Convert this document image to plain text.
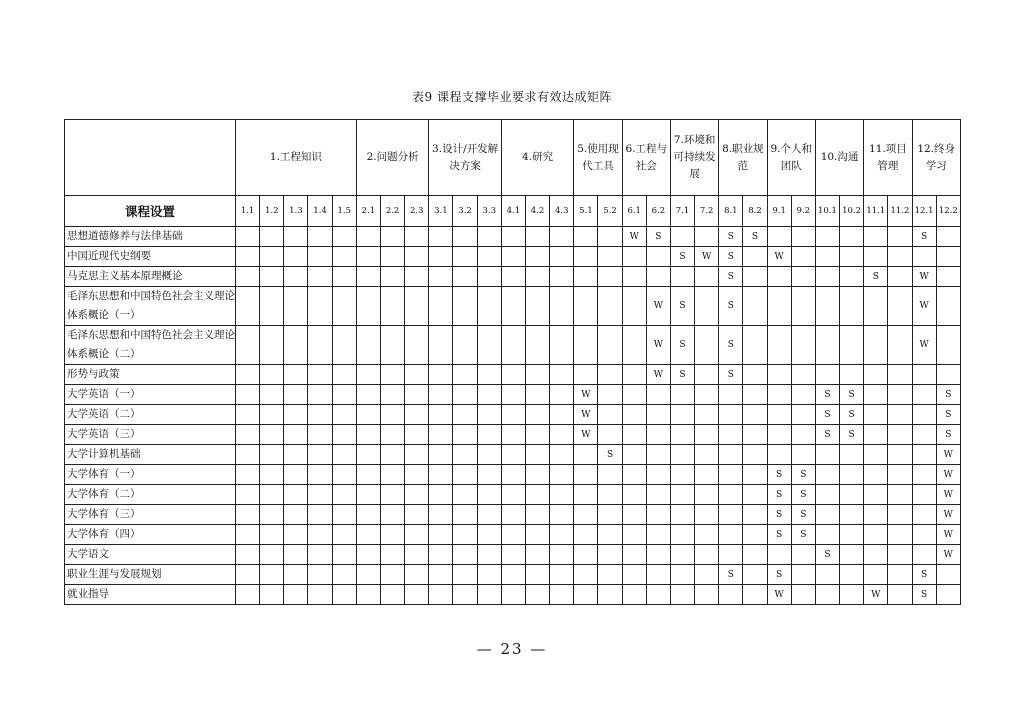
表9 课程支撑毕业要求有效达成矩阵
	1.工程知识					2.问题分析			3.设计/开发解决方案			4.研究			5.使用现代工具		6.工程与社会		7.环境和可持续发展		8.职业规范		9.个人和团队		10.沟通		11.项目管理		12.终身学习	
课程设置	1.1	1.2	1.3	1.4	1.5	2.1	2.2	2.3	3.1	3.2	3.3	4.1	4.2	4.3	5.1	5.2	6.1	6.2	7.1	7.2	8.1	8.2	9.1	9.2	10.1	10.2	11.1	11.2	12.1	12.2
思想道德修养与法律基础																	W	S			S	S							S	
中国近现代史纲要																			S	W	S		W							
马克思主义基本原理概论																					S						S		W	
毛泽东思想和中国特色社会主义理论体系概论（一）																		W	S		S								W	
毛泽东思想和中国特色社会主义理论体系概论（二）																		W	S		S								W	
形势与政策																		W	S		S									
大学英语（一）															W										S	S				S
大学英语（二）															W										S	S				S
大学英语（三）															W										S	S				S
大学计算机基础																S														W
大学体育（一）																							S	S						W
大学体育（二）																							S	S						W
大学体育（三）																							S	S						W
大学体育（四）																							S	S						W
大学语文																									S					W
职业生涯与发展规划																					S		S						S	
就业指导																							W				W		S	
— 23 —
